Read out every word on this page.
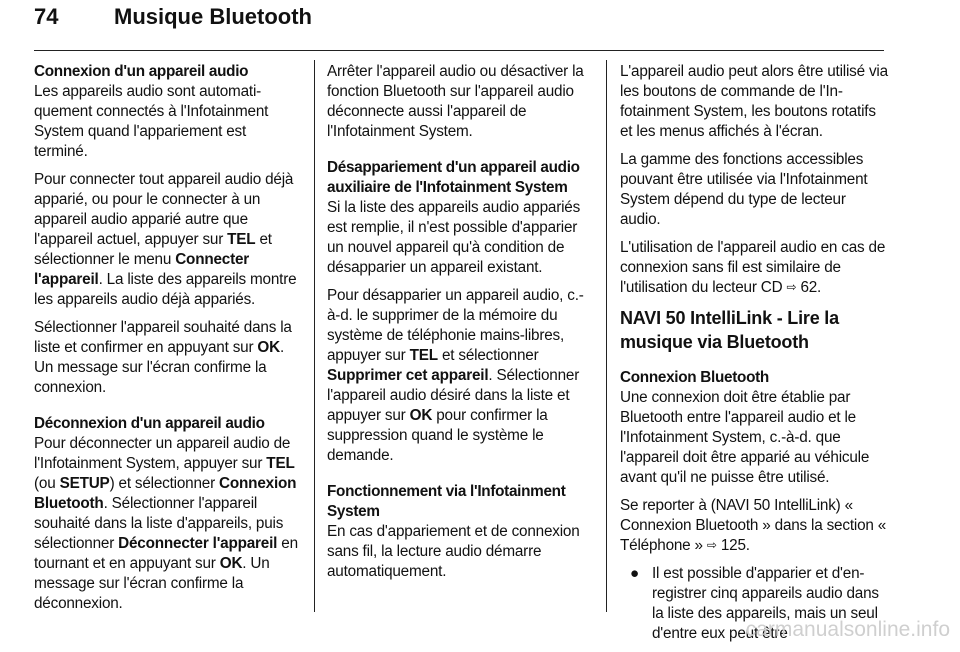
74	Musique Bluetooth
Connexion d'un appareil audio

Les appareils audio sont automatiquement connectés à l'Infotainment System quand l'appariement est terminé.

Pour connecter tout appareil audio déjà apparié, ou pour le connecter à un appareil audio apparié autre que l'appareil actuel, appuyer sur TEL et sélectionner le menu Connecter l'appareil. La liste des appareils montre les appareils audio déjà appariés.

Sélectionner l'appareil souhaité dans la liste et confirmer en appuyant sur OK. Un message sur l'écran confirme la connexion.

Déconnexion d'un appareil audio

Pour déconnecter un appareil audio de l'Infotainment System, appuyer sur TEL (ou SETUP) et sélectionner Connexion Bluetooth. Sélectionner l'appareil souhaité dans la liste d'appareils, puis sélectionner Déconnecter l'appareil en tournant et en appuyant sur OK. Un message sur l'écran confirme la déconnexion.

Arrêter l'appareil audio ou désactiver la fonction Bluetooth sur l'appareil audio déconnecte aussi l'appareil de l'Infotainment System.

Désappariement d'un appareil audio auxiliaire de l'Infotainment System

Si la liste des appareils audio appariés est remplie, il n'est possible d'apparier un nouvel appareil qu'à condition de désapparier un appareil existant.

Pour désapparier un appareil audio, c.-à-d. le supprimer de la mémoire du système de téléphonie mains-libres, appuyer sur TEL et sélectionner Supprimer cet appareil. Sélectionner l'appareil audio désiré dans la liste et appuyer sur OK pour confirmer la suppression quand le système le demande.

Fonctionnement via l'Infotainment System

En cas d'appariement et de connexion sans fil, la lecture audio démarre automatiquement.

L'appareil audio peut alors être utilisé via les boutons de commande de l'Infotainment System, les boutons rotatifs et les menus affichés à l'écran.

La gamme des fonctions accessibles pouvant être utilisée via l'Infotainment System dépend du type de lecteur audio.

L'utilisation de l'appareil audio en cas de connexion sans fil est similaire de l'utilisation du lecteur CD ⇨ 62.

NAVI 50 IntelliLink - Lire la musique via Bluetooth
Connexion Bluetooth

Une connexion doit être établie par Bluetooth entre l'appareil audio et le l'Infotainment System, c.-à-d. que l'appareil doit être apparié au véhicule avant qu'il ne puisse être utilisé.

Se reporter à (NAVI 50 IntelliLink) « Connexion Bluetooth » dans la section « Téléphone » ⇨ 125.

● Il est possible d'apparier et d'enregistrer cinq appareils audio dans la liste des appareils, mais un seul d'entre eux peut être

carmanualsonline.info
